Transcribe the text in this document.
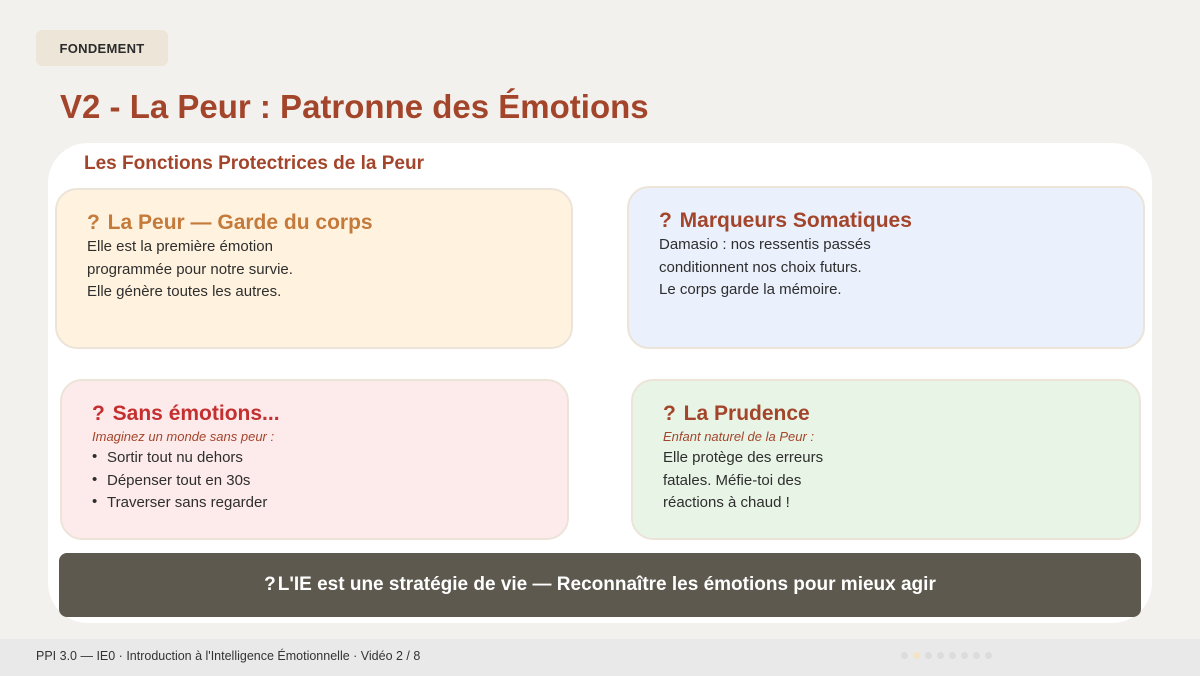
FONDEMENT
V2 - La Peur : Patronne des Émotions
Les Fonctions Protectrices de la Peur
? La Peur — Garde du corps
Elle est la première émotion
programmée pour notre survie.
Elle génère toutes les autres.
? Marqueurs Somatiques
Damasio : nos ressentis passés
conditionnent nos choix futurs.
Le corps garde la mémoire.
? Sans émotions...
Imaginez un monde sans peur :
• Sortir tout nu dehors
• Dépenser tout en 30s
• Traverser sans regarder
? La Prudence
Enfant naturel de la Peur :
Elle protège des erreurs
fatales. Méfie-toi des
réactions à chaud !
? L'IE est une stratégie de vie — Reconnaître les émotions pour mieux agir
PPI 3.0 — IE0 · Introduction à l'Intelligence Émotionnelle · Vidéo 2 / 8
